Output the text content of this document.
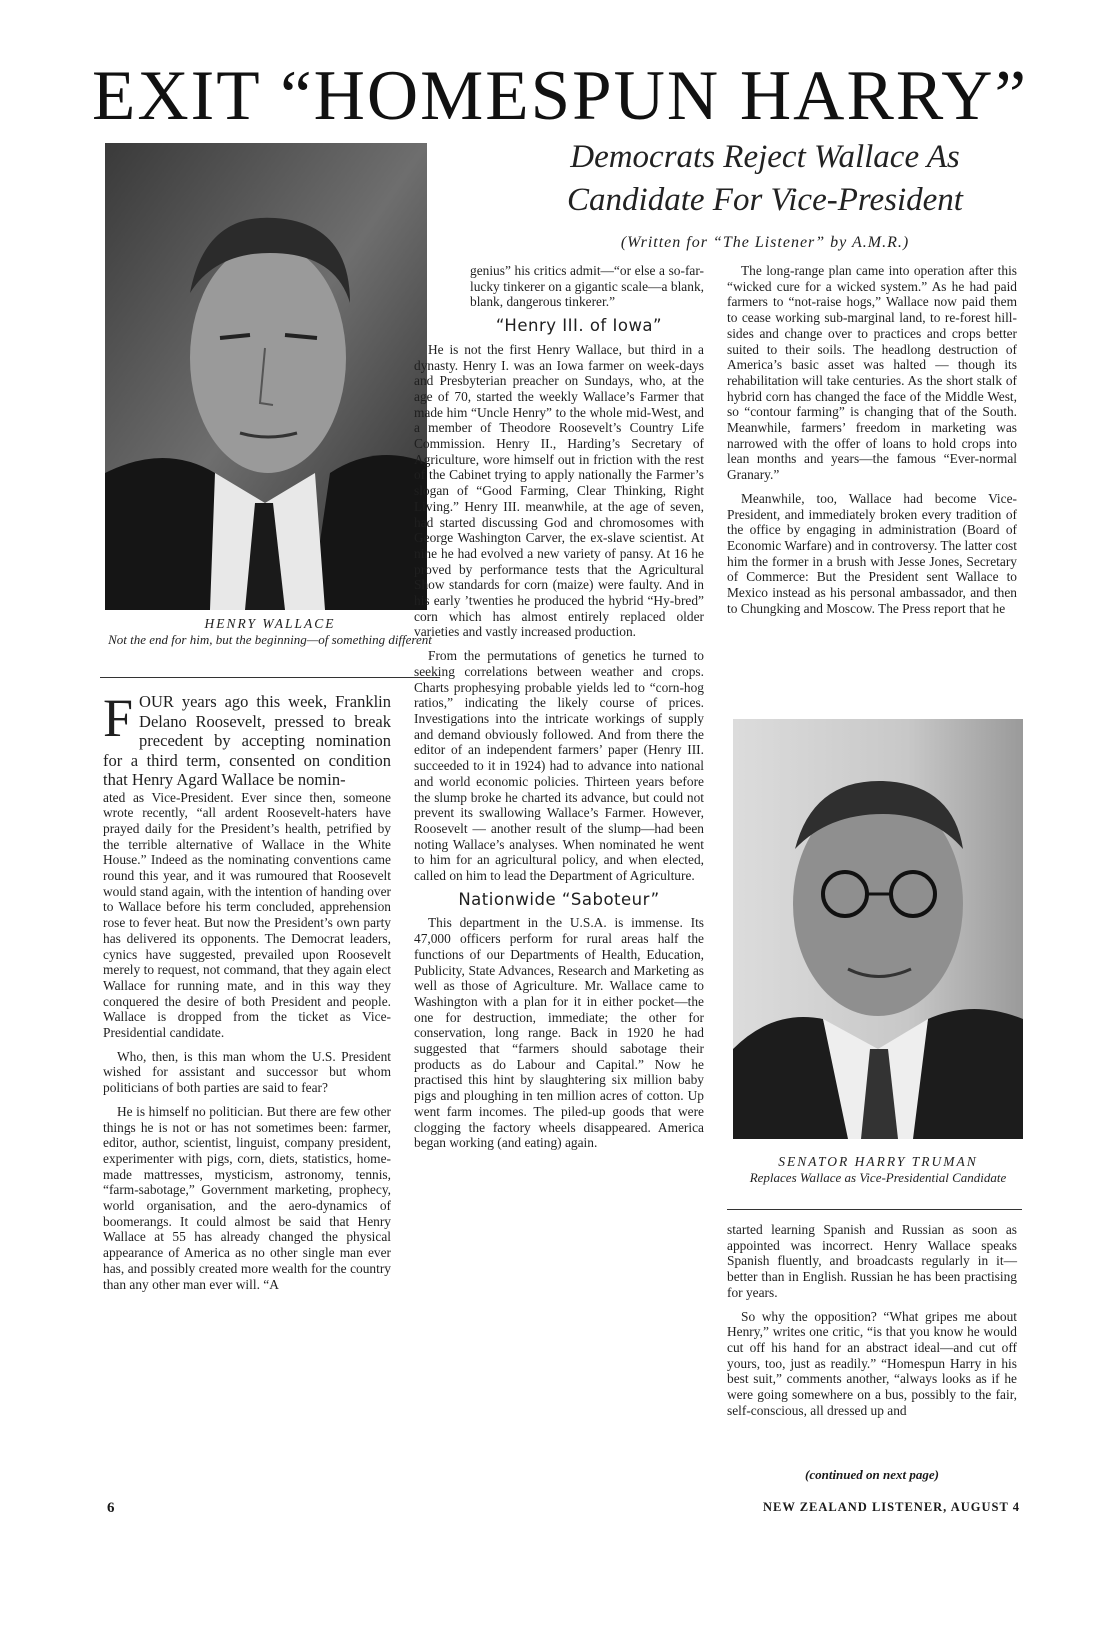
EXIT “HOMESPUN HARRY”
Democrats Reject Wallace As
Candidate For Vice-President
(Written for “The Listener” by A.M.R.)
HENRY WALLACE
Not the end for him, but the beginning—of something different

FOUR years ago this week, Franklin Delano Roosevelt, pressed to break precedent by accepting nomination for a third term, consented on condition that Henry Agard Wallace be nomin-

ated as Vice-President. Ever since then, someone wrote recently, “all ardent Roosevelt-haters have prayed daily for the President’s health, petrified by the terrible alternative of Wallace in the White House.” Indeed as the nominating conventions came round this year, and it was rumoured that Roosevelt would stand again, with the intention of handing over to Wallace before his term concluded, apprehension rose to fever heat. But now the President’s own party has delivered its opponents. The Democrat leaders, cynics have suggested, prevailed upon Roosevelt merely to request, not command, that they again elect Wallace for running mate, and in this way they conquered the desire of both President and people. Wallace is dropped from the ticket as Vice-Presidential candidate.

Who, then, is this man whom the U.S. President wished for assistant and successor but whom politicians of both parties are said to fear?

He is himself no politician. But there are few other things he is not or has not sometimes been: farmer, editor, author, scientist, linguist, company president, experimenter with pigs, corn, diets, statistics, home-made mattresses, mysticism, astronomy, tennis, “farm-sabotage,” Government marketing, prophecy, world organisation, and the aero-dynamics of boomerangs. It could almost be said that Henry Wallace at 55 has already changed the physical appearance of America as no other single man ever has, and possibly created more wealth for the country than any other man ever will. “A

genius” his critics admit—“or else a so-far-lucky tinkerer on a gigantic scale—a blank, blank, dangerous tinkerer.”

“Henry III. of Iowa”

He is not the first Henry Wallace, but third in a dynasty. Henry I. was an Iowa farmer on week-days and Presbyterian preacher on Sundays, who, at the age of 70, started the weekly Wallace’s Farmer that made him “Uncle Henry” to the whole mid-West, and a member of Theodore Roosevelt’s Country Life Commission. Henry II., Harding’s Secretary of Agriculture, wore himself out in friction with the rest of the Cabinet trying to apply nationally the Farmer’s slogan of “Good Farming, Clear Thinking, Right Living.” Henry III. meanwhile, at the age of seven, had started discussing God and chromosomes with George Washington Carver, the ex-slave scientist. At nine he had evolved a new variety of pansy. At 16 he proved by performance tests that the Agricultural Show standards for corn (maize) were faulty. And in his early ’twenties he produced the hybrid “Hy-bred” corn which has almost entirely replaced older varieties and vastly increased production.

From the permutations of genetics he turned to seeking correlations between weather and crops. Charts prophesying probable yields led to “corn-hog ratios,” indicating the likely course of prices. Investigations into the intricate workings of supply and demand obviously followed. And from there the editor of an independent farmers’ paper (Henry III. succeeded to it in 1924) had to advance into national and world economic policies. Thirteen years before the slump broke he charted its advance, but could not prevent its swallowing Wallace’s Farmer. However, Roosevelt — another result of the slump—had been noting Wallace’s analyses. When nominated he went to him for an agricultural policy, and when elected, called on him to lead the Department of Agriculture.

Nationwide “Saboteur”

This department in the U.S.A. is immense. Its 47,000 officers perform for rural areas half the functions of our Departments of Health, Education, Publicity, State Advances, Research and Marketing as well as those of Agriculture. Mr. Wallace came to Washington with a plan for it in either pocket—the one for destruction, immediate; the other for conservation, long range. Back in 1920 he had suggested that “farmers should sabotage their products as do Labour and Capital.” Now he practised this hint by slaughtering six million baby pigs and ploughing in ten million acres of cotton. Up went farm incomes. The piled-up goods that were clogging the factory wheels disappeared. America began working (and eating) again.

The long-range plan came into operation after this “wicked cure for a wicked system.” As he had paid farmers to “not-raise hogs,” Wallace now paid them to cease working sub-marginal land, to re-forest hill-sides and change over to practices and crops better suited to their soils. The headlong destruction of America’s basic asset was halted — though its rehabilitation will take centuries. As the short stalk of hybrid corn has changed the face of the Middle West, so “contour farming” is changing that of the South. Meanwhile, farmers’ freedom in marketing was narrowed with the offer of loans to hold crops into lean months and years—the famous “Ever-normal Granary.”

Meanwhile, too, Wallace had become Vice-President, and immediately broken every tradition of the office by engaging in administration (Board of Economic Warfare) and in controversy. The latter cost him the former in a brush with Jesse Jones, Secretary of Commerce: But the President sent Wallace to Mexico instead as his personal ambassador, and then to Chungking and Moscow. The Press report that he

SENATOR HARRY TRUMAN
Replaces Wallace as Vice-Presidential Candidate

started learning Spanish and Russian as soon as appointed was incorrect. Henry Wallace speaks Spanish fluently, and broadcasts regularly in it—better than in English. Russian he has been practising for years.

So why the opposition? “What gripes me about Henry,” writes one critic, “is that you know he would cut off his hand for an abstract ideal—and cut off yours, too, just as readily.” “Homespun Harry in his best suit,” comments another, “always looks as if he were going somewhere on a bus, possibly to the fair, self-conscious, all dressed up and

(continued on next page)
6	NEW ZEALAND LISTENER, AUGUST 4
